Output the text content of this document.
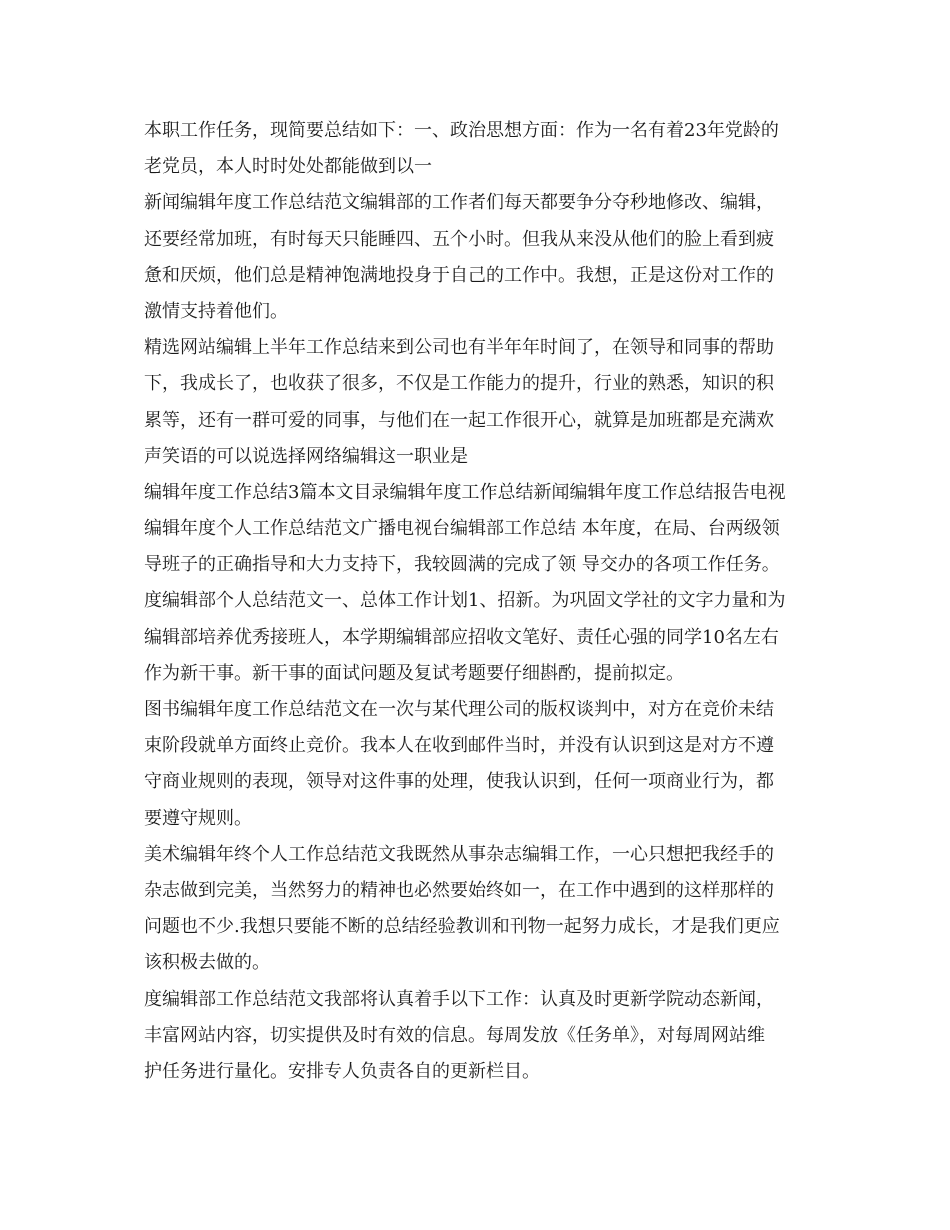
本职工作任务，现简要总结如下：一、政治思想方面：作为一名有着23年党龄的
老党员，本人时时处处都能做到以一
新闻编辑年度工作总结范文编辑部的工作者们每天都要争分夺秒地修改、编辑，
还要经常加班，有时每天只能睡四、五个小时。但我从来没从他们的脸上看到疲
惫和厌烦，他们总是精神饱满地投身于自己的工作中。我想，正是这份对工作的
激情支持着他们。
精选网站编辑上半年工作总结来到公司也有半年年时间了，在领导和同事的帮助
下，我成长了，也收获了很多，不仅是工作能力的提升，行业的熟悉，知识的积
累等，还有一群可爱的同事，与他们在一起工作很开心，就算是加班都是充满欢
声笑语的可以说选择网络编辑这一职业是
编辑年度工作总结3篇本文目录编辑年度工作总结新闻编辑年度工作总结报告电视
编辑年度个人工作总结范文广播电视台编辑部工作总结 本年度，在局、台两级领
导班子的正确指导和大力支持下，我较圆满的完成了领 导交办的各项工作任务。
度编辑部个人总结范文一、总体工作计划1、招新。为巩固文学社的文字力量和为
编辑部培养优秀接班人，本学期编辑部应招收文笔好、责任心强的同学10名左右
作为新干事。新干事的面试问题及复试考题要仔细斟酌，提前拟定。
图书编辑年度工作总结范文在一次与某代理公司的版权谈判中，对方在竞价未结
束阶段就单方面终止竞价。我本人在收到邮件当时，并没有认识到这是对方不遵
守商业规则的表现，领导对这件事的处理，使我认识到，任何一项商业行为，都
要遵守规则。
美术编辑年终个人工作总结范文我既然从事杂志编辑工作，一心只想把我经手的
杂志做到完美，当然努力的精神也必然要始终如一，在工作中遇到的这样那样的
问题也不少.我想只要能不断的总结经验教训和刊物一起努力成长，才是我们更应
该积极去做的。
度编辑部工作总结范文我部将认真着手以下工作：认真及时更新学院动态新闻，
丰富网站内容，切实提供及时有效的信息。每周发放《任务单》，对每周网站维
护任务进行量化。安排专人负责各自的更新栏目。
